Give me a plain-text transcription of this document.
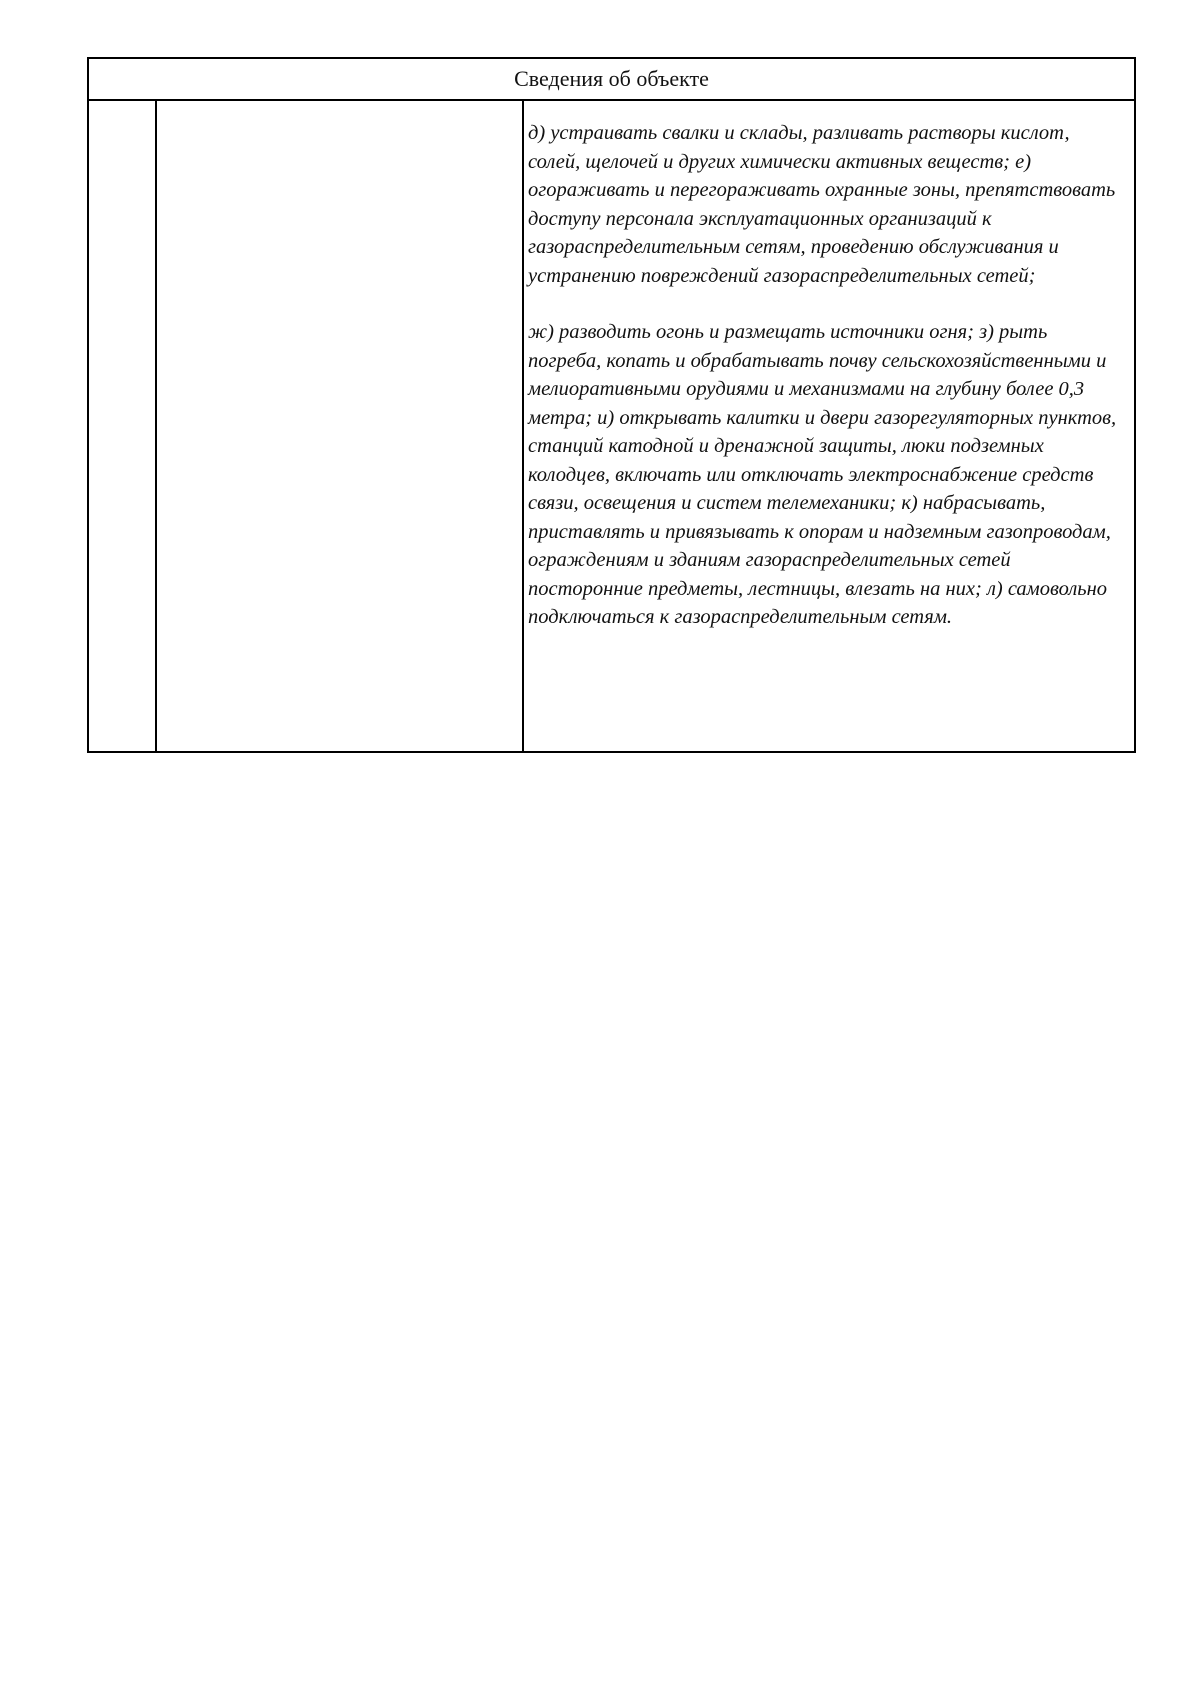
Сведения об объекте

д) устраивать свалки и склады, разливать растворы кислот, солей, щелочей и других химически активных веществ; е) огораживать и перегораживать охранные зоны, препятствовать доступу персонала эксплуатационных организаций к газораспределительным сетям, проведению обслуживания и устранению повреждений газораспределительных сетей;

ж) разводить огонь и размещать источники огня; з) рыть погреба, копать и обрабатывать почву сельскохозяйственными и мелиоративными орудиями и механизмами на глубину более 0,3 метра; и) открывать калитки и двери газорегуляторных пунктов, станций катодной и дренажной защиты, люки подземных колодцев, включать или отключать электроснабжение средств связи, освещения и систем телемеханики; к) набрасывать, приставлять и привязывать к опорам и надземным газопроводам, ограждениям и зданиям газораспределительных сетей посторонние предметы, лестницы, влезать на них; л) самовольно подключаться к газораспределительным сетям.
